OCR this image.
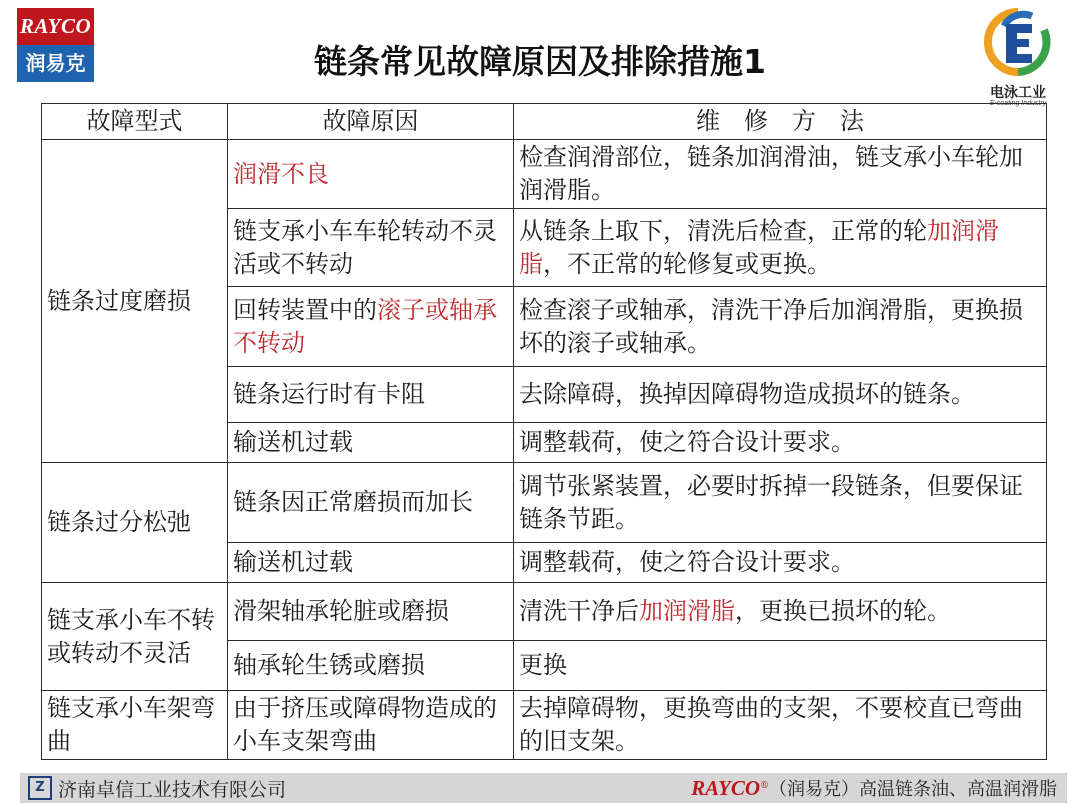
RAYCO
润易克	链条常见故障原因及排除措施1
电泳工业
E-coating Industry
故障型式	故障原因	维　修　方　法
链条过度磨损	润滑不良	检查润滑部位，链条加润滑油，链支承小车轮加润滑脂。
	链支承小车车轮转动不灵活或不转动	从链条上取下，清洗后检查，正常的轮加润滑脂，不正常的轮修复或更换。
	回转装置中的滚子或轴承不转动	检查滚子或轴承，清洗干净后加润滑脂，更换损坏的滚子或轴承。
	链条运行时有卡阻	去除障碍，换掉因障碍物造成损坏的链条。
	输送机过载	调整载荷，使之符合设计要求。
链条过分松弛	链条因正常磨损而加长	调节张紧装置，必要时拆掉一段链条，但要保证链条节距。
	输送机过载	调整载荷，使之符合设计要求。
链支承小车不转或转动不灵活	滑架轴承轮脏或磨损	清洗干净后加润滑脂，更换已损坏的轮。
	轴承轮生锈或磨损	更换
链支承小车架弯曲	由于挤压或障碍物造成的小车支架弯曲	去掉障碍物，更换弯曲的支架，不要校直已弯曲的旧支架。
Z 济南卓信工业技术有限公司	RAYCO®（润易克）高温链条油、高温润滑脂
